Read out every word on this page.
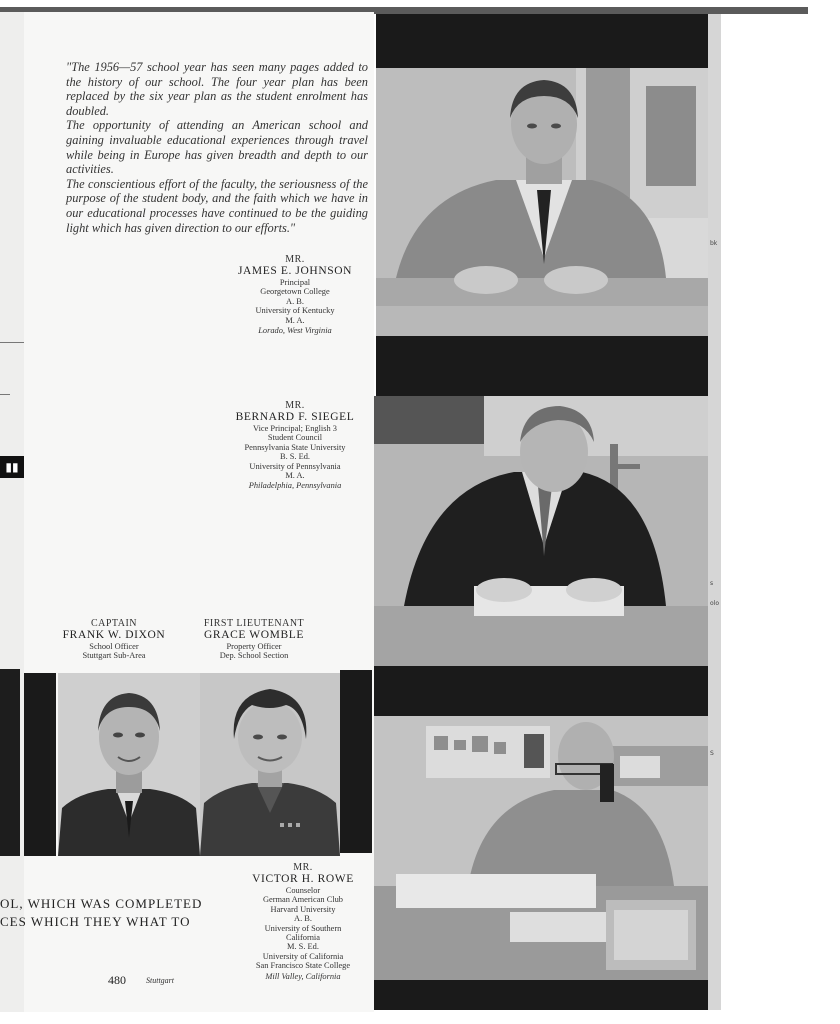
▮▮

"The 1956—57 school year has seen many pages added to the history of our school. The four year plan has been replaced by the six year plan as the student enrolment has doubled.

The opportunity of attending an American school and gaining invaluable educational experiences through travel while being in Europe has given breadth and depth to our activities.

The conscientious effort of the faculty, the seriousness of the purpose of the student body, and the faith which we have in our educational processes have continued to be the guiding light which has given direction to our efforts."

MR.
JAMES E. JOHNSON
Principal
Georgetown College
A. B.
University of Kentucky
M. A.
Lorado, West Virginia
MR.
BERNARD F. SIEGEL
Vice Principal; English 3
Student Council
Pennsylvania State University
B. S. Ed.
University of Pennsylvania
M. A.
Philadelphia, Pennsylvania
CAPTAIN
FRANK W. DIXON
School Officer
Stuttgart Sub-Area
FIRST LIEUTENANT
GRACE WOMBLE
Property Officer
Dep. School Section
MR.
VICTOR H. ROWE
Counselor
German American Club
Harvard University
A. B.
University of Southern
California
M. S. Ed.
University of California
San Francisco State College
Mill Valley, California
OL, WHICH WAS COMPLETED
CES WHICH THEY WHAT TO
480	Stuttgart
bk
s
olo
S
